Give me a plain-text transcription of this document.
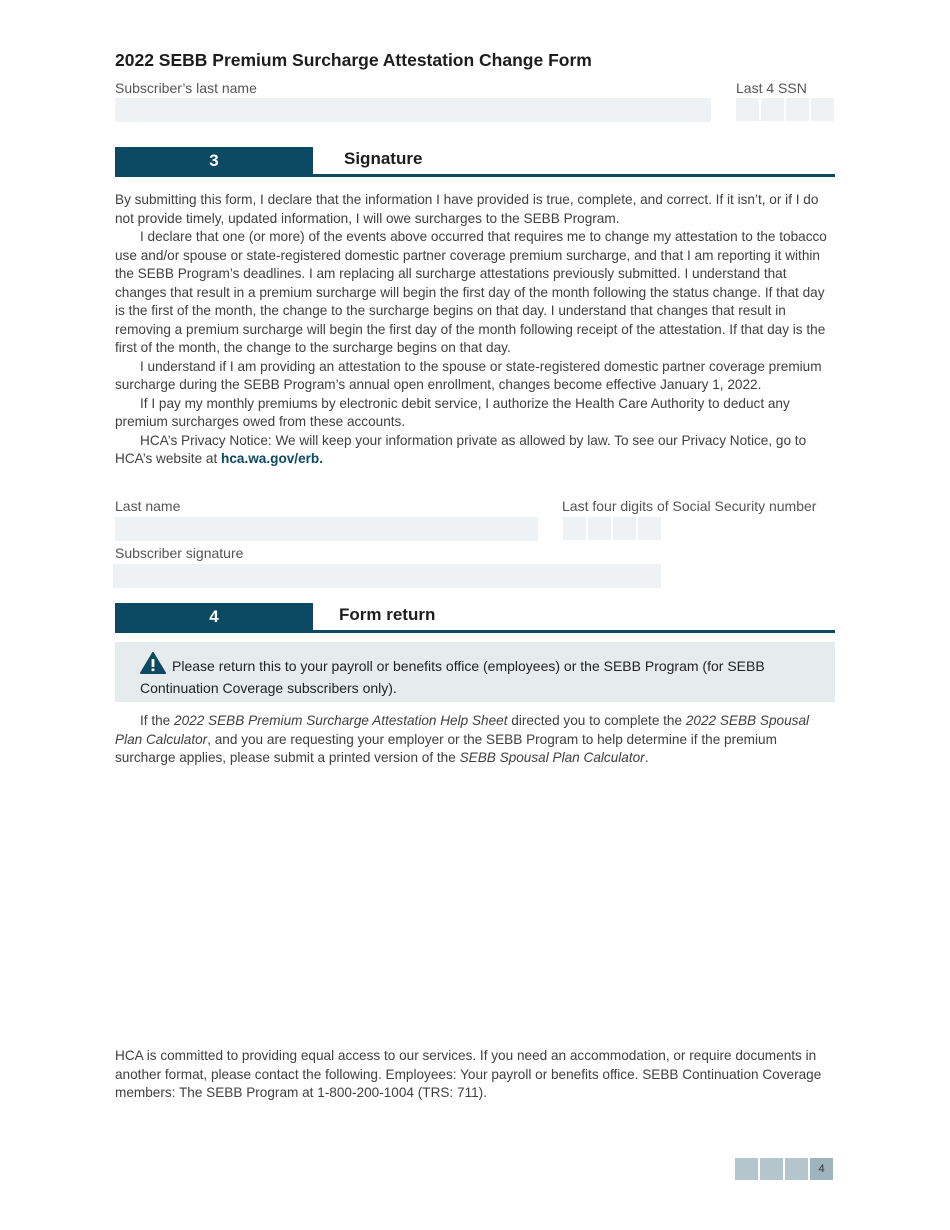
2022 SEBB Premium Surcharge Attestation Change Form
Subscriber’s last name	Last 4 SSN
3	Signature

By submitting this form, I declare that the information I have provided is true, complete, and correct. If it isn’t, or if I do not provide timely, updated information, I will owe surcharges to the SEBB Program.

I declare that one (or more) of the events above occurred that requires me to change my attestation to the tobacco use and/or spouse or state-registered domestic partner coverage premium surcharge, and that I am reporting it within the SEBB Program’s deadlines. I am replacing all surcharge attestations previously submitted. I understand that changes that result in a premium surcharge will begin the first day of the month following the status change. If that day is the first of the month, the change to the surcharge begins on that day. I understand that changes that result in removing a premium surcharge will begin the first day of the month following receipt of the attestation. If that day is the first of the month, the change to the surcharge begins on that day.

I understand if I am providing an attestation to the spouse or state-registered domestic partner coverage premium surcharge during the SEBB Program’s annual open enrollment, changes become effective January 1, 2022.

If I pay my monthly premiums by electronic debit service, I authorize the Health Care Authority to deduct any premium surcharges owed from these accounts.

HCA’s Privacy Notice: We will keep your information private as allowed by law. To see our Privacy Notice, go to HCA’s website at hca.wa.gov/erb.

Last name	Last four digits of Social Security number
Subscriber signature
4	Form return
Please return this to your payroll or benefits office (employees) or the SEBB Program (for SEBB Continuation Coverage subscribers only).

If the 2022 SEBB Premium Surcharge Attestation Help Sheet directed you to complete the 2022 SEBB Spousal Plan Calculator, and you are requesting your employer or the SEBB Program to help determine if the premium surcharge applies, please submit a printed version of the SEBB Spousal Plan Calculator.

HCA is committed to providing equal access to our services. If you need an accommodation, or require documents in another format, please contact the following. Employees: Your payroll or benefits office. SEBB Continuation Coverage members: The SEBB Program at 1-800-200-1004 (TRS: 711).
4
